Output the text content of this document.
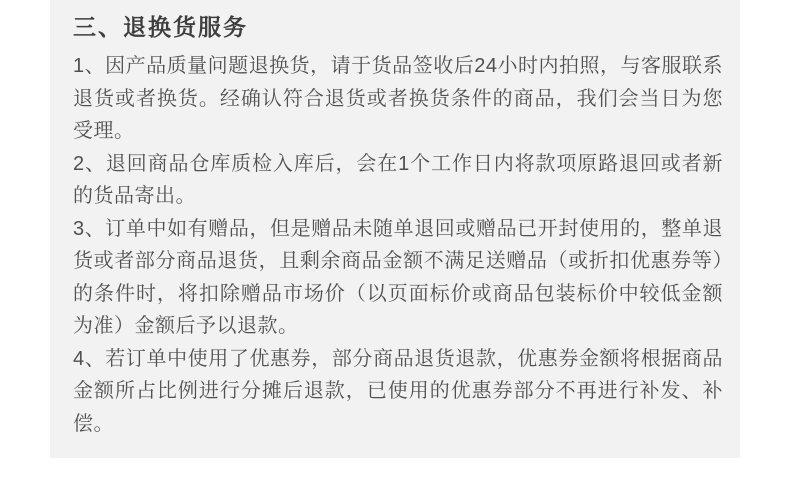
三、退换货服务

1、因产品质量问题退换货，请于货品签收后24小时内拍照，与客服联系退货或者换货。经确认符合退货或者换货条件的商品，我们会当日为您受理。

2、退回商品仓库质检入库后，会在1个工作日内将款项原路退回或者新的货品寄出。

3、订单中如有赠品，但是赠品未随单退回或赠品已开封使用的，整单退货或者部分商品退货，且剩余商品金额不满足送赠品（或折扣优惠券等）的条件时，将扣除赠品市场价（以页面标价或商品包装标价中较低金额为准）金额后予以退款。

4、若订单中使用了优惠券，部分商品退货退款，优惠券金额将根据商品金额所占比例进行分摊后退款，已使用的优惠券部分不再进行补发、补偿。
